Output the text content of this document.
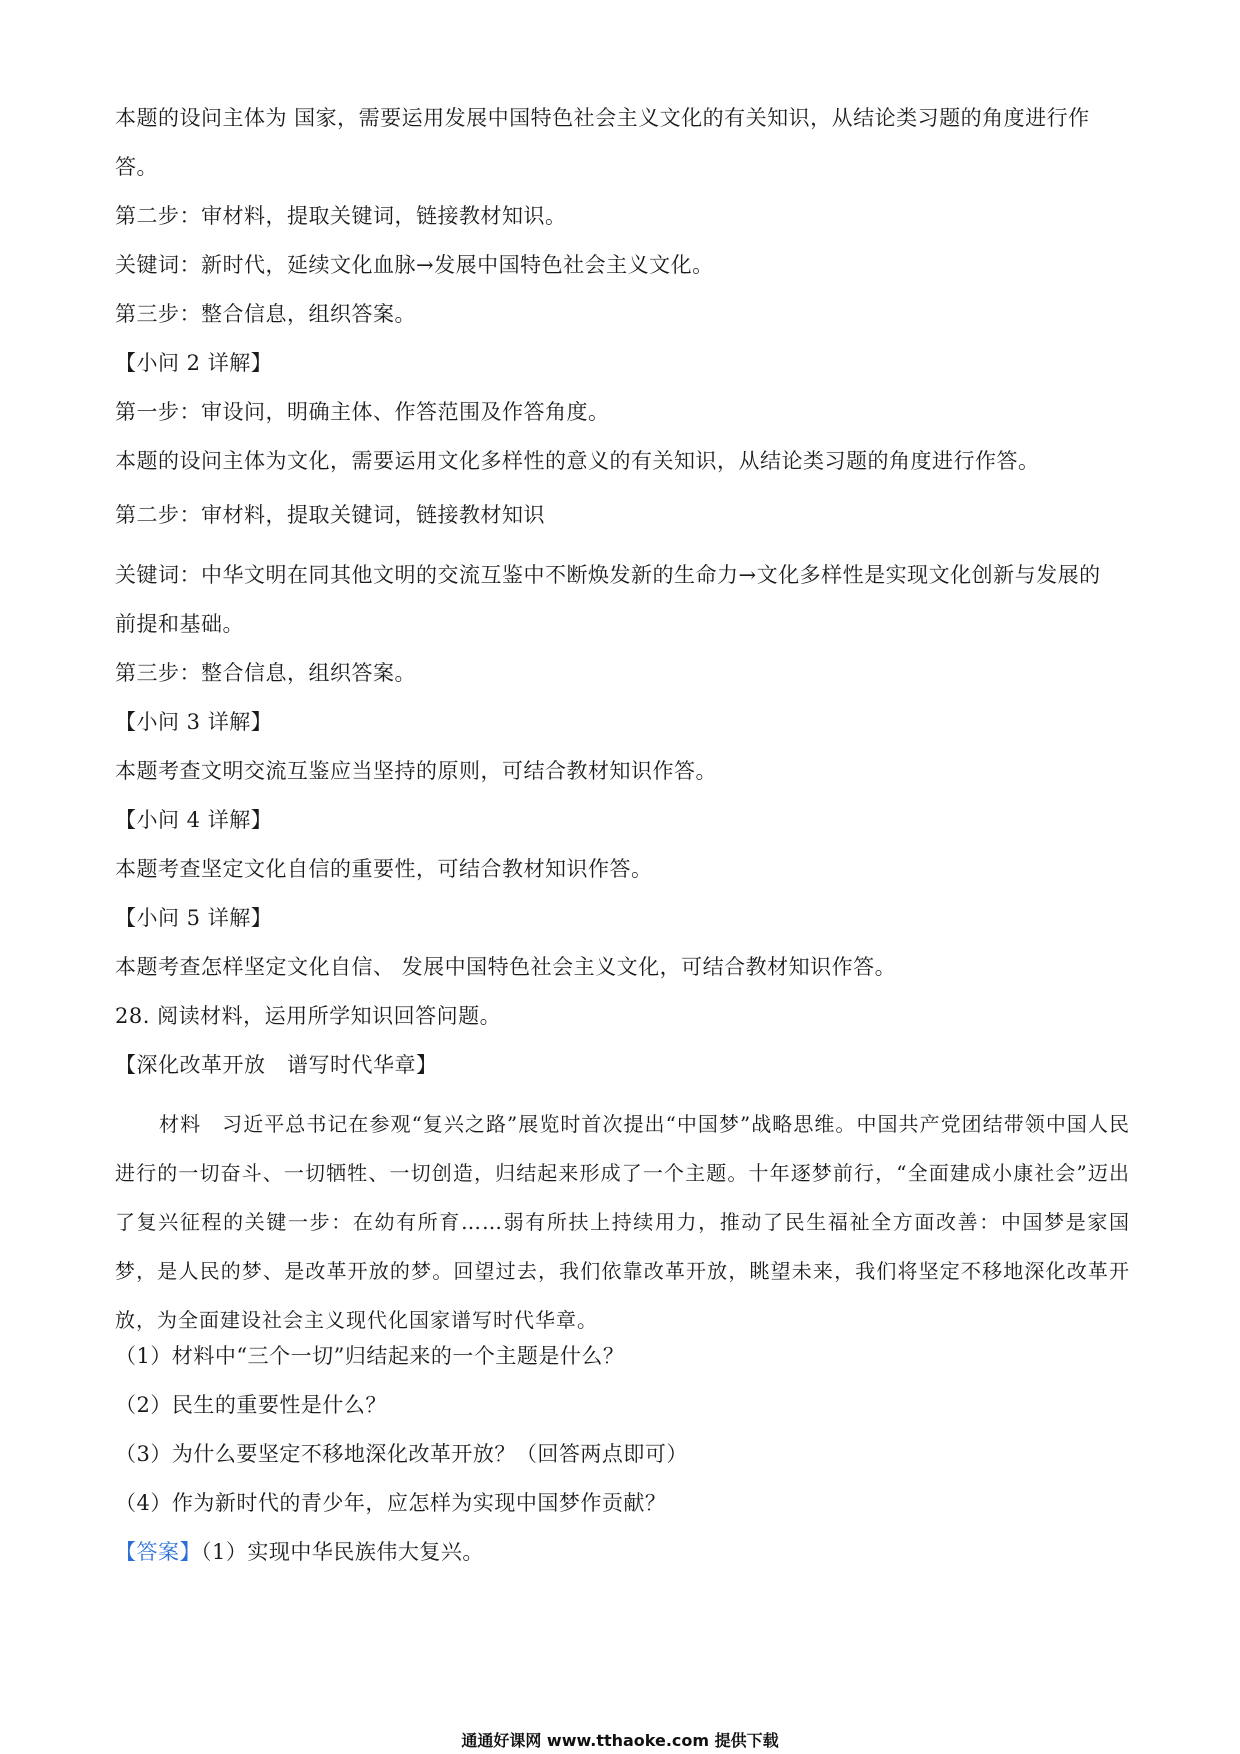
本题的设问主体为 国家，需要运用发展中国特色社会主义文化的有关知识，从结论类习题的角度进行作
答。
第二步：审材料，提取关键词，链接教材知识。
关键词：新时代，延续文化血脉→发展中国特色社会主义文化。
第三步：整合信息，组织答案。
【小问 2 详解】
第一步：审设问，明确主体、作答范围及作答角度。
本题的设问主体为文化，需要运用文化多样性的意义的有关知识，从结论类习题的角度进行作答。
第二步：审材料，提取关键词，链接教材知识
关键词：中华文明在同其他文明的交流互鉴中不断焕发新的生命力→文化多样性是实现文化创新与发展的
前提和基础。
第三步：整合信息，组织答案。
【小问 3 详解】
本题考查文明交流互鉴应当坚持的原则，可结合教材知识作答。
【小问 4 详解】
本题考查坚定文化自信的重要性，可结合教材知识作答。
【小问 5 详解】
本题考查怎样坚定文化自信、 发展中国特色社会主义文化，可结合教材知识作答。
28. 阅读材料，运用所学知识回答问题。
【深化改革开放　谱写时代华章】
材料　习近平总书记在参观“复兴之路”展览时首次提出“中国梦”战略思维。中国共产党团结带领中国人民进行的一切奋斗、一切牺牲、一切创造，归结起来形成了一个主题。十年逐梦前行，“全面建成小康社会”迈出了复兴征程的关键一步：在幼有所育……弱有所扶上持续用力，推动了民生福祉全方面改善：中国梦是家国梦，是人民的梦、是改革开放的梦。回望过去，我们依靠改革开放，眺望未来，我们将坚定不移地深化改革开放，为全面建设社会主义现代化国家谱写时代华章。
（1）材料中“三个一切”归结起来的一个主题是什么？
（2）民生的重要性是什么？
（3）为什么要坚定不移地深化改革开放？（回答两点即可）
（4）作为新时代的青少年，应怎样为实现中国梦作贡献？
【答案】（1）实现中华民族伟大复兴。
通通好课网 www.tthaoke.com 提供下载
